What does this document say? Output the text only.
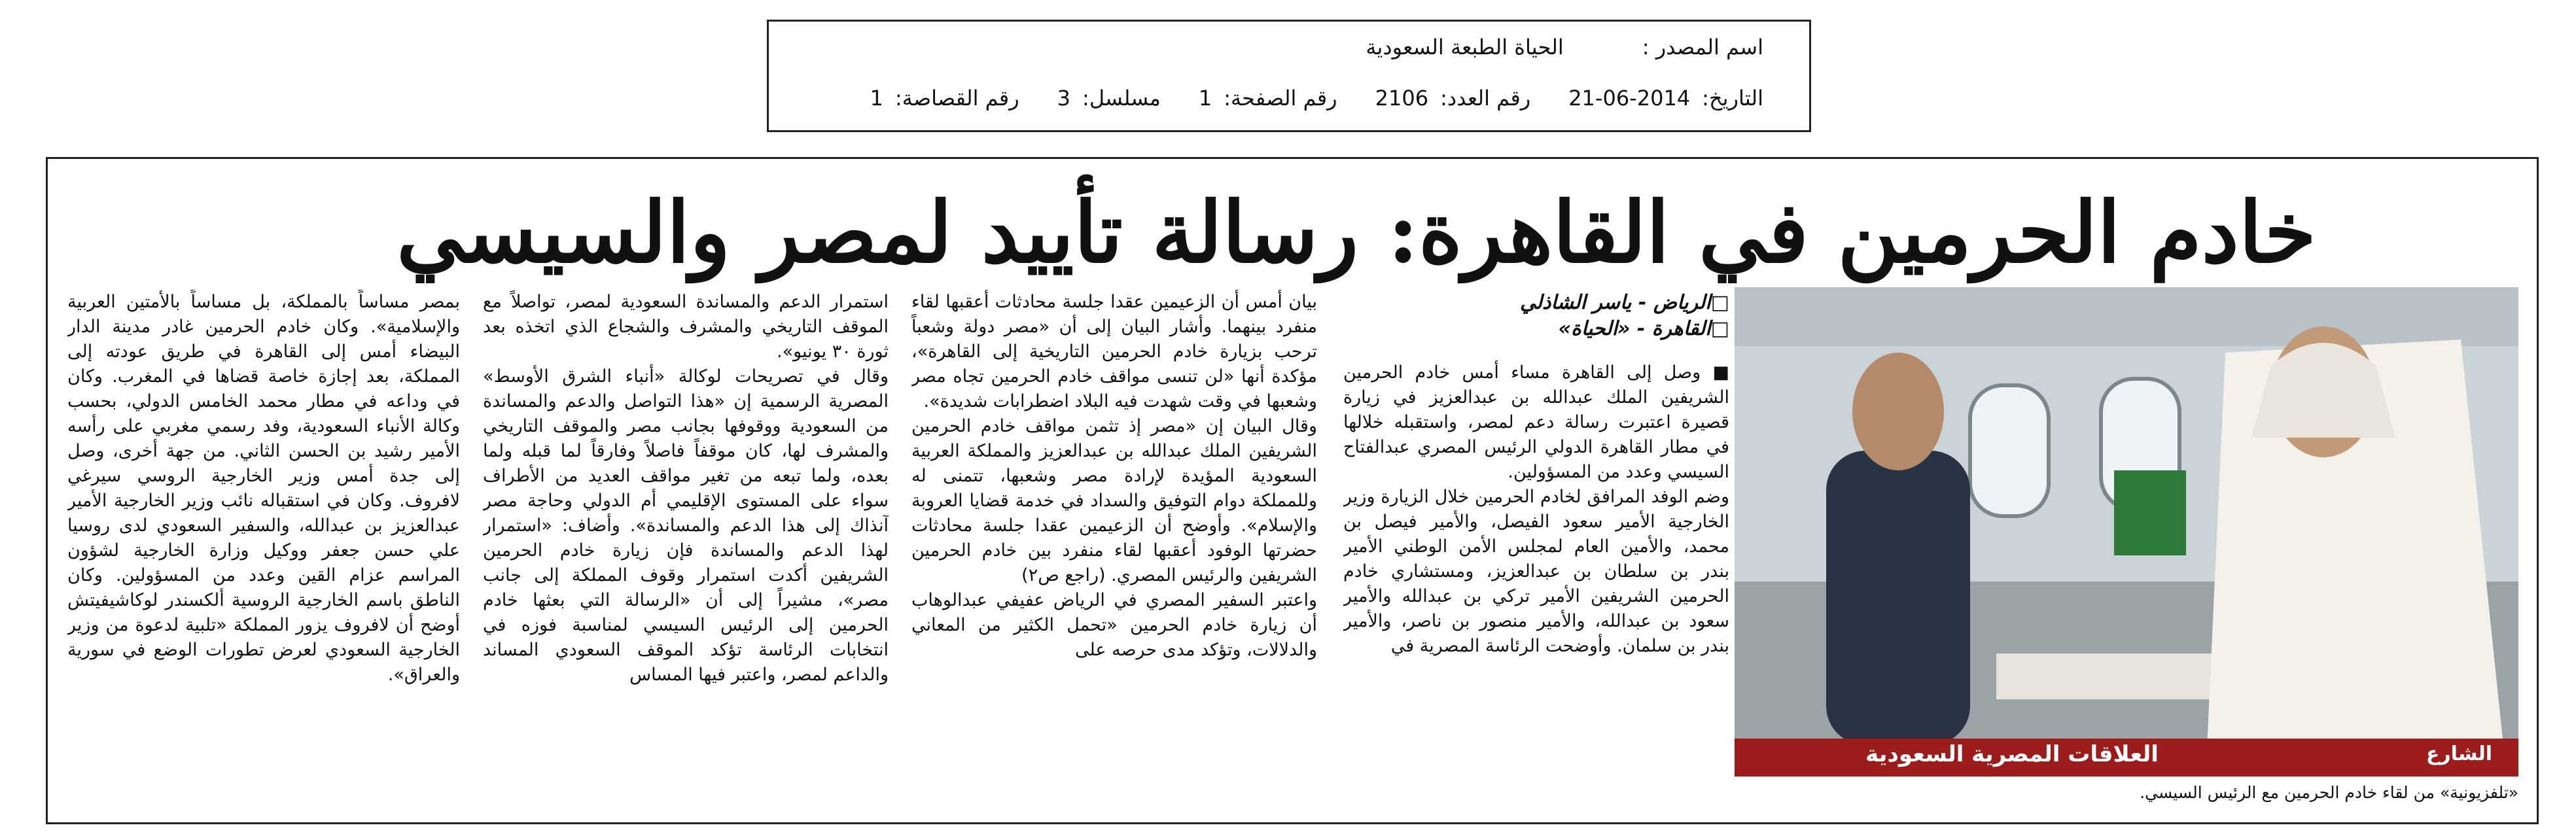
اسم المصدر :
الحياة الطبعة السعودية
التاريخ:
21-06-2014
رقم العدد:
2106
رقم الصفحة:
1
مسلسل:
3
رقم القصاصة:
1
خادم الحرمين في القاهرة: رسالة تأييد لمصر والسيسي
العلاقات المصرية السعودية	الشارع
«تلفزيونية» من لقاء خادم الحرمين مع الرئيس السيسي.
□ الرياض - ياسر الشاذلي
□ القاهرة - «الحياة»

■ وصل إلى القاهرة مساء أمس خادم الحرمين الشريفين الملك عبدالله بن عبدالعزيز في زيارة قصيرة اعتبرت رسالة دعم لمصر، واستقبله خلالها في مطار القاهرة الدولي الرئيس المصري عبدالفتاح السيسي وعدد من المسؤولين.

وضم الوفد المرافق لخادم الحرمين خلال الزيارة وزير الخارجية الأمير سعود الفيصل، والأمير فيصل بن محمد، والأمين العام لمجلس الأمن الوطني الأمير بندر بن سلطان بن عبدالعزيز، ومستشاري خادم الحرمين الشريفين الأمير تركي بن عبدالله والأمير سعود بن عبدالله، والأمير منصور بن ناصر، والأمير بندر بن سلمان. وأوضحت الرئاسة المصرية في

بيان أمس أن الزعيمين عقدا جلسة محادثات أعقبها لقاء منفرد بينهما. وأشار البيان إلى أن «مصر دولة وشعباً ترحب بزيارة خادم الحرمين التاريخية إلى القاهرة»، مؤكدة أنها «لن تنسى مواقف خادم الحرمين تجاه مصر وشعبها في وقت شهدت فيه البلاد اضطرابات شديدة».

وقال البيان إن «مصر إذ تثمن مواقف خادم الحرمين الشريفين الملك عبدالله بن عبدالعزيز والمملكة العربية السعودية المؤيدة لإرادة مصر وشعبها، تتمنى له وللمملكة دوام التوفيق والسداد في خدمة قضايا العروبة والإسلام». وأوضح أن الزعيمين عقدا جلسة محادثات حضرتها الوفود أعقبها لقاء منفرد بين خادم الحرمين الشريفين والرئيس المصري. (راجع ص٢)

واعتبر السفير المصري في الرياض عفيفي عبدالوهاب أن زيارة خادم الحرمين «تحمل الكثير من المعاني والدلالات، وتؤكد مدى حرصه على

استمرار الدعم والمساندة السعودية لمصر، تواصلاً مع الموقف التاريخي والمشرف والشجاع الذي اتخذه بعد ثورة ٣٠ يونيو».

وقال في تصريحات لوكالة «أنباء الشرق الأوسط» المصرية الرسمية إن «هذا التواصل والدعم والمساندة من السعودية ووقوفها بجانب مصر والموقف التاريخي والمشرف لها، كان موقفاً فاصلاً وفارقاً لما قبله ولما بعده، ولما تبعه من تغير مواقف العديد من الأطراف سواء على المستوى الإقليمي أم الدولي وحاجة مصر آنذاك إلى هذا الدعم والمساندة». وأضاف: «استمرار لهذا الدعم والمساندة فإن زيارة خادم الحرمين الشريفين أكدت استمرار وقوف المملكة إلى جانب مصر»، مشيراً إلى أن «الرسالة التي بعثها خادم الحرمين إلى الرئيس السيسي لمناسبة فوزه في انتخابات الرئاسة تؤكد الموقف السعودي المساند والداعم لمصر، واعتبر فيها المساس

بمصر مساساً بالمملكة، بل مساساً بالأمتين العربية والإسلامية». وكان خادم الحرمين غادر مدينة الدار البيضاء أمس إلى القاهرة في طريق عودته إلى المملكة، بعد إجازة خاصة قضاها في المغرب. وكان في وداعه في مطار محمد الخامس الدولي، بحسب وكالة الأنباء السعودية، وفد رسمي مغربي على رأسه الأمير رشيد بن الحسن الثاني. من جهة أخرى، وصل إلى جدة أمس وزير الخارجية الروسي سيرغي لافروف. وكان في استقباله نائب وزير الخارجية الأمير عبدالعزيز بن عبدالله، والسفير السعودي لدى روسيا علي حسن جعفر ووكيل وزارة الخارجية لشؤون المراسم عزام القين وعدد من المسؤولين. وكان الناطق باسم الخارجية الروسية ألكسندر لوكاشيفيتش أوضح أن لافروف يزور المملكة «تلبية لدعوة من وزير الخارجية السعودي لعرض تطورات الوضع في سورية والعراق».
